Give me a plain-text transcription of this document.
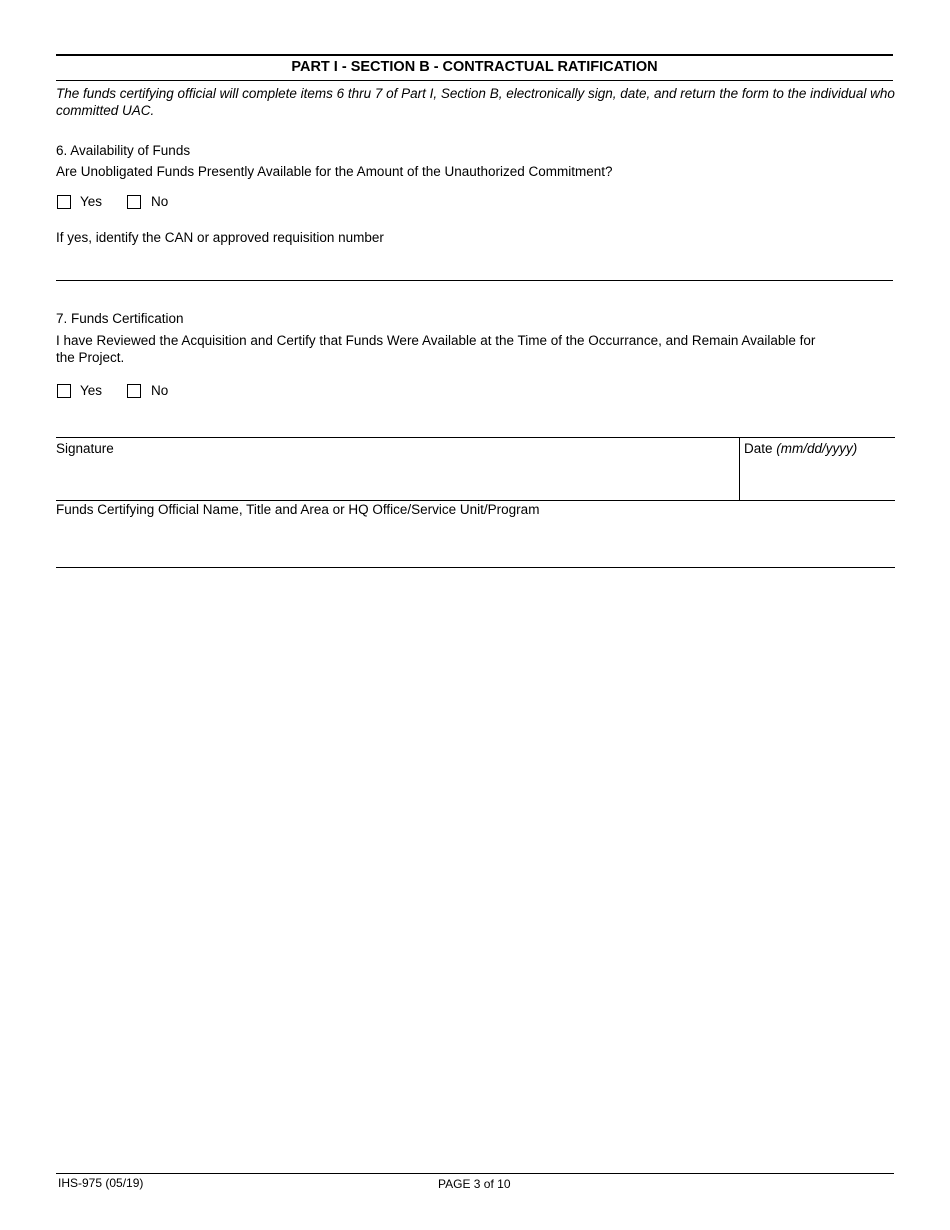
PART I - SECTION B - CONTRACTUAL RATIFICATION
The funds certifying official will complete items 6 thru 7 of Part I, Section B, electronically sign, date, and return the form to the individual who committed UAC.
6. Availability of Funds
Are Unobligated Funds Presently Available for the Amount of the Unauthorized Commitment?
Yes	No
If yes, identify the CAN or approved requisition number
7. Funds Certification
I have Reviewed the Acquisition and Certify that Funds Were Available at the Time of the Occurrance, and Remain Available for
the Project.
Yes	No
Signature	Date (mm/dd/yyyy)
Funds Certifying Official Name, Title and Area or HQ Office/Service Unit/Program
IHS-975 (05/19)	PAGE 3 of 10
